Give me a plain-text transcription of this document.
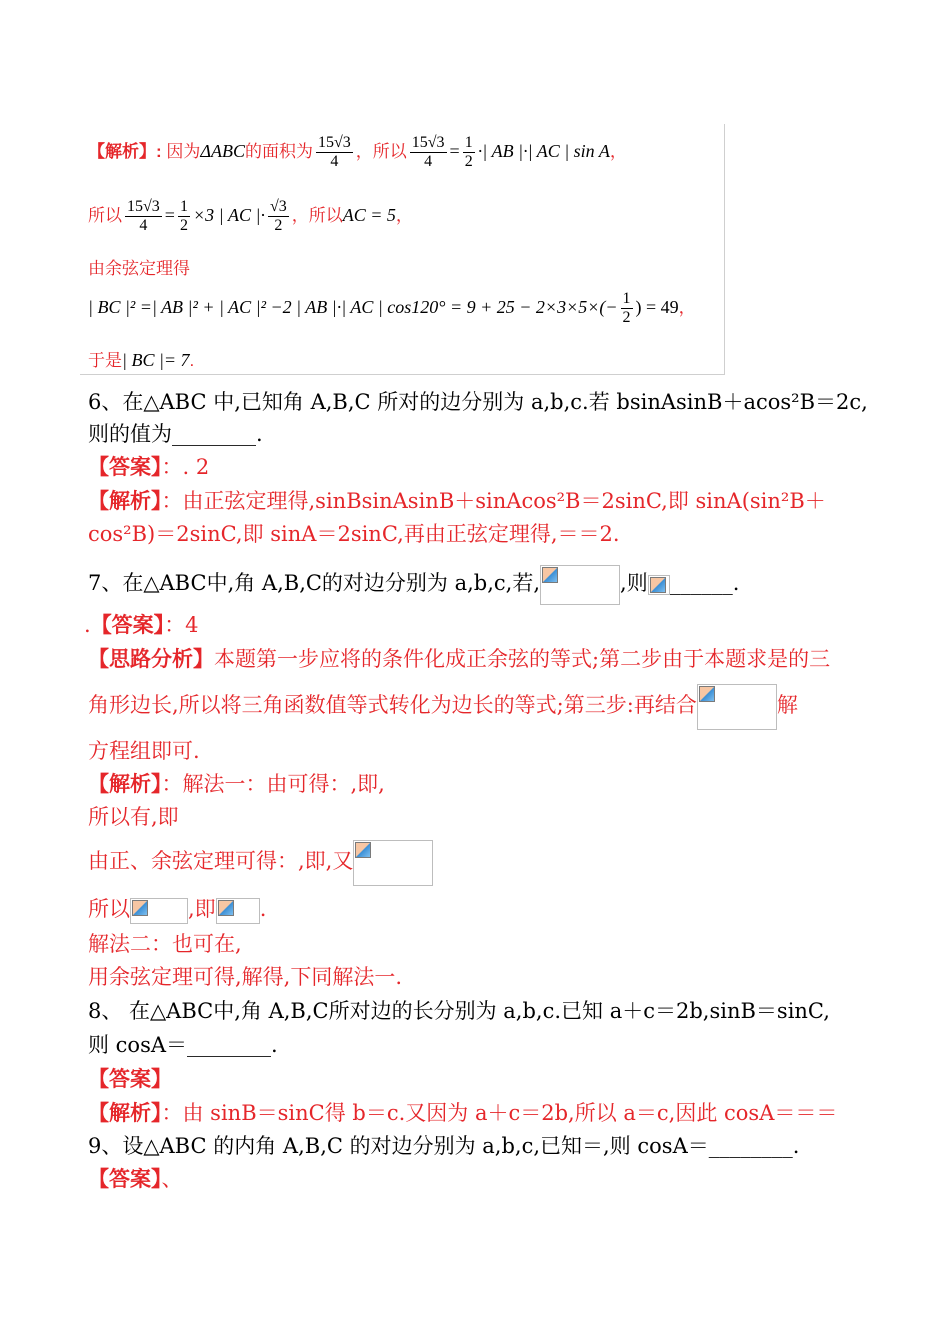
【解析】: 因为ΔABC的面积为 $\frac{15√3}{4}$ ，所以 $\frac{15√3}{4} = \frac{1}{2}$ ·| AB |·| AC | sin A，
所以 $\frac{15√3}{4} = \frac{1}{2} \times 3$ | AC |· $\frac{√3}{2}$ ，所以AC = 5，
由余弦定理得
| BC |² =| AB |² + | AC |² −2 | AB |·| AC | $\cos 120^\circ = 9 + 25 - 2\times 3\times 5\times(- \frac{1}{2}$ ) = 49，
于是| BC |= 7.
6、在△ABC 中,已知角 A,B,C 所对的边分别为 a,b,c.若 bsinAsinB＋acos²B＝2c,
则的值为________.
【答案】：. 2
【解析】：由正弦定理得,sinBsinAsinB＋sinAcos²B＝2sinC,即 sinA(sin²B＋
cos²B)＝2sinC,即 sinA＝2sinC,再由正弦定理得,＝＝2.
7、在△ABC中,角 A,B,C的对边分别为 a,b,c,若,	,则 ______.
.【答案】：4
【思路分析】本题第一步应将的条件化成正余弦的等式;第二步由于本题求是的三
角形边长,所以将三角函数值等式转化为边长的等式;第三步:再结合	解
方程组即可.
【解析】：解法一：由可得：,即,
所以有,即
由正、余弦定理可得：,即,又
所以	,即 .
解法二：也可在,
用余弦定理可得,解得,下同解法一.
8、 在△ABC中,角 A,B,C所对边的长分别为 a,b,c.已知 a＋c＝2b,sinB＝sinC,
则 cosA＝________.
【答案】
【解析】：由 sinB＝sinC得 b＝c.又因为 a＋c＝2b,所以 a＝c,因此 cosA＝＝＝
9、设△ABC 的内角 A,B,C 的对边分别为 a,b,c,已知＝,则 cosA＝________.
【答案】、
